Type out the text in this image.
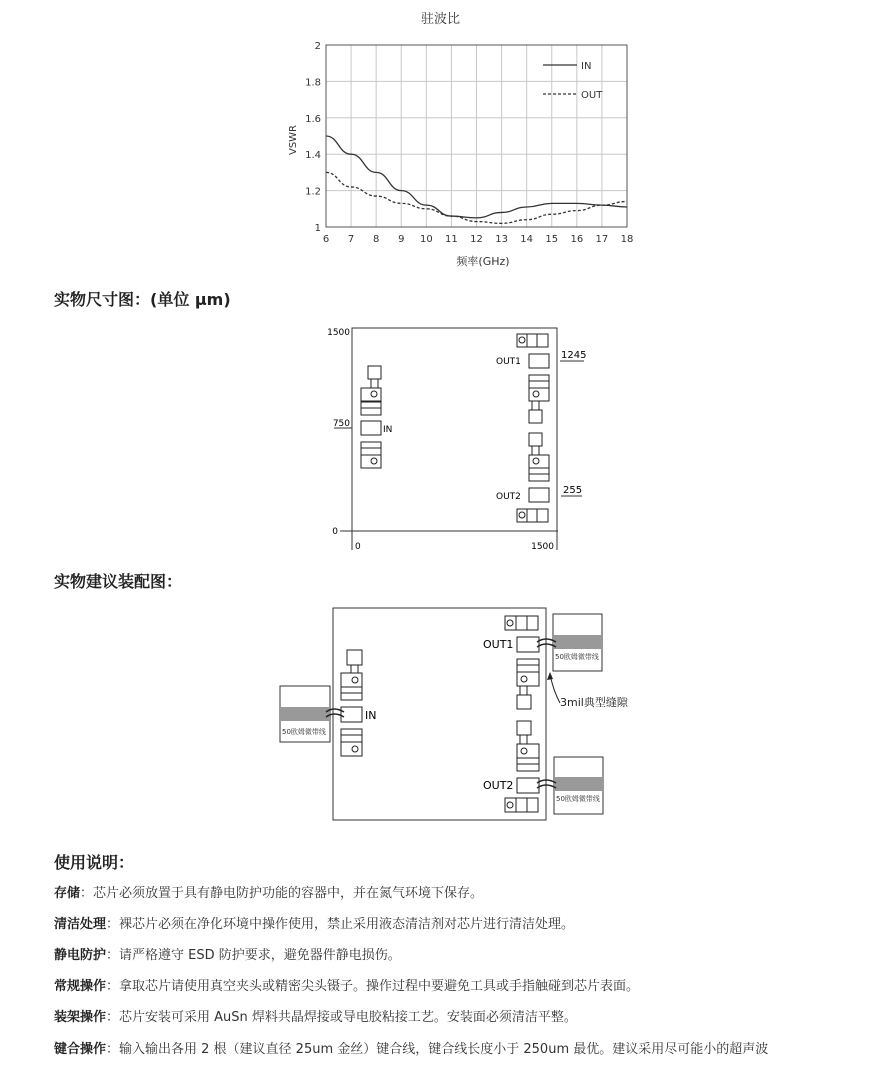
驻波比
6 7 8 9 10 11 12 13 14 15 16 17 18
1
1.2
1.4
1.6
1.8
2
VSWR
频率(GHz)
IN
OUT
实物尺寸图：(单位 μm)
1500
750
0
0	1500
1245
255
IN
OUT1
OUT2
实物建议装配图：
50欧姆微带线
50欧姆微带线
50欧姆微带线
IN
OUT1
OUT2
3mil典型缝隙
使用说明：
存储：芯片必须放置于具有静电防护功能的容器中，并在氮气环境下保存。
清洁处理：裸芯片必须在净化环境中操作使用，禁止采用液态清洁剂对芯片进行清洁处理。
静电防护：请严格遵守 ESD 防护要求，避免器件静电损伤。
常规操作：拿取芯片请使用真空夹头或精密尖头镊子。操作过程中要避免工具或手指触碰到芯片表面。
装架操作：芯片安装可采用 AuSn 焊料共晶焊接或导电胶粘接工艺。安装面必须清洁平整。
键合操作：输入输出各用 2 根（建议直径 25um 金丝）键合线，键合线长度小于 250um 最优。建议采用尽可能小的超声波
